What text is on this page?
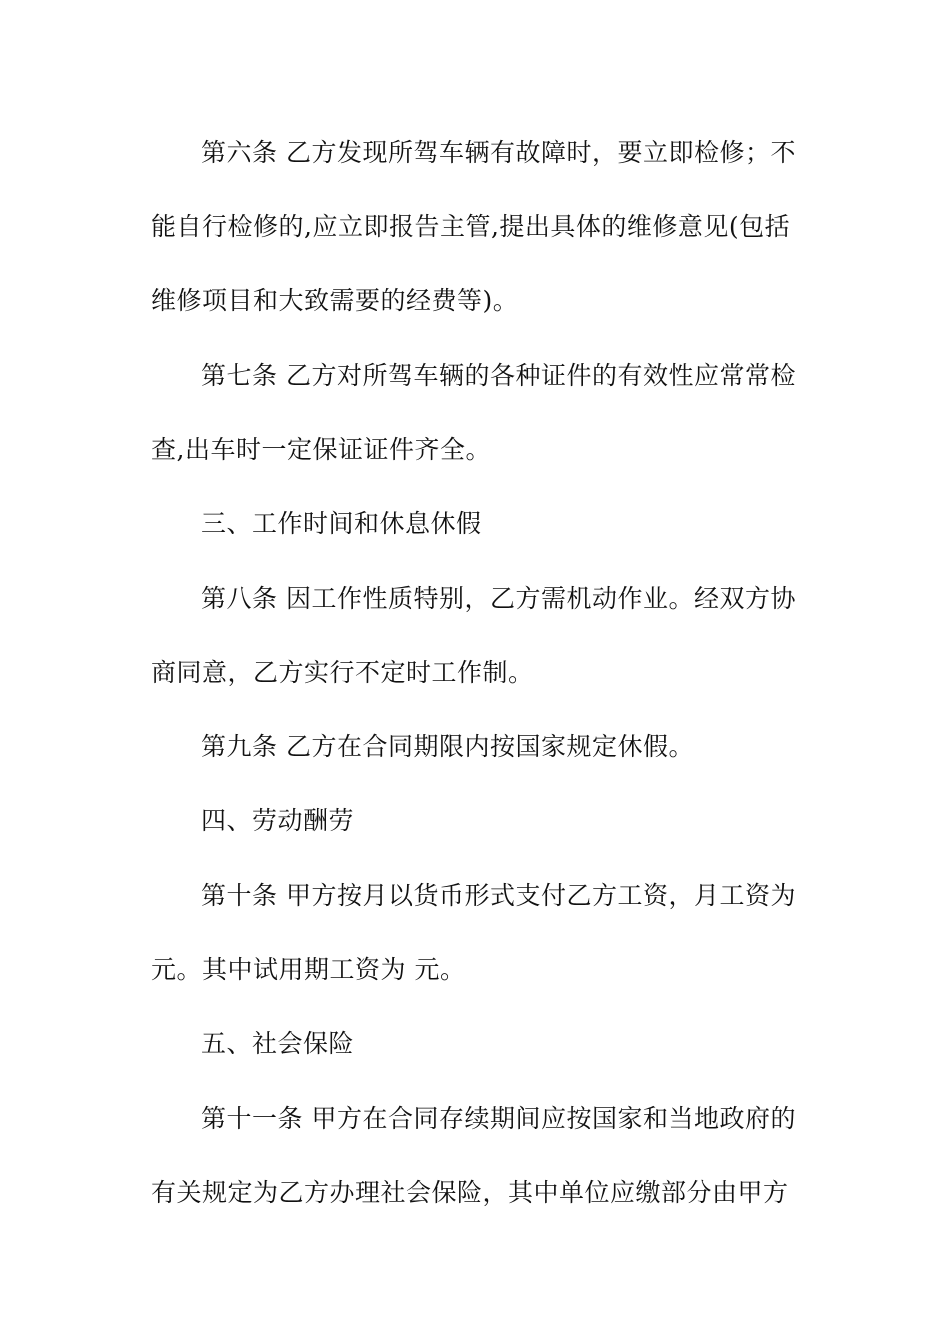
第六条 乙方发现所驾车辆有故障时，要立即检修；不
能自行检修的,应立即报告主管,提出具体的维修意见(包括
维修项目和大致需要的经费等)。
第七条 乙方对所驾车辆的各种证件的有效性应常常检
查,出车时一定保证证件齐全。
三、工作时间和休息休假
第八条 因工作性质特别，乙方需机动作业。经双方协
商同意，乙方实行不定时工作制。
第九条 乙方在合同期限内按国家规定休假。
四、劳动酬劳
第十条 甲方按月以货币形式支付乙方工资，月工资为
元。其中试用期工资为 元。
五、社会保险
第十一条 甲方在合同存续期间应按国家和当地政府的
有关规定为乙方办理社会保险，其中单位应缴部分由甲方
